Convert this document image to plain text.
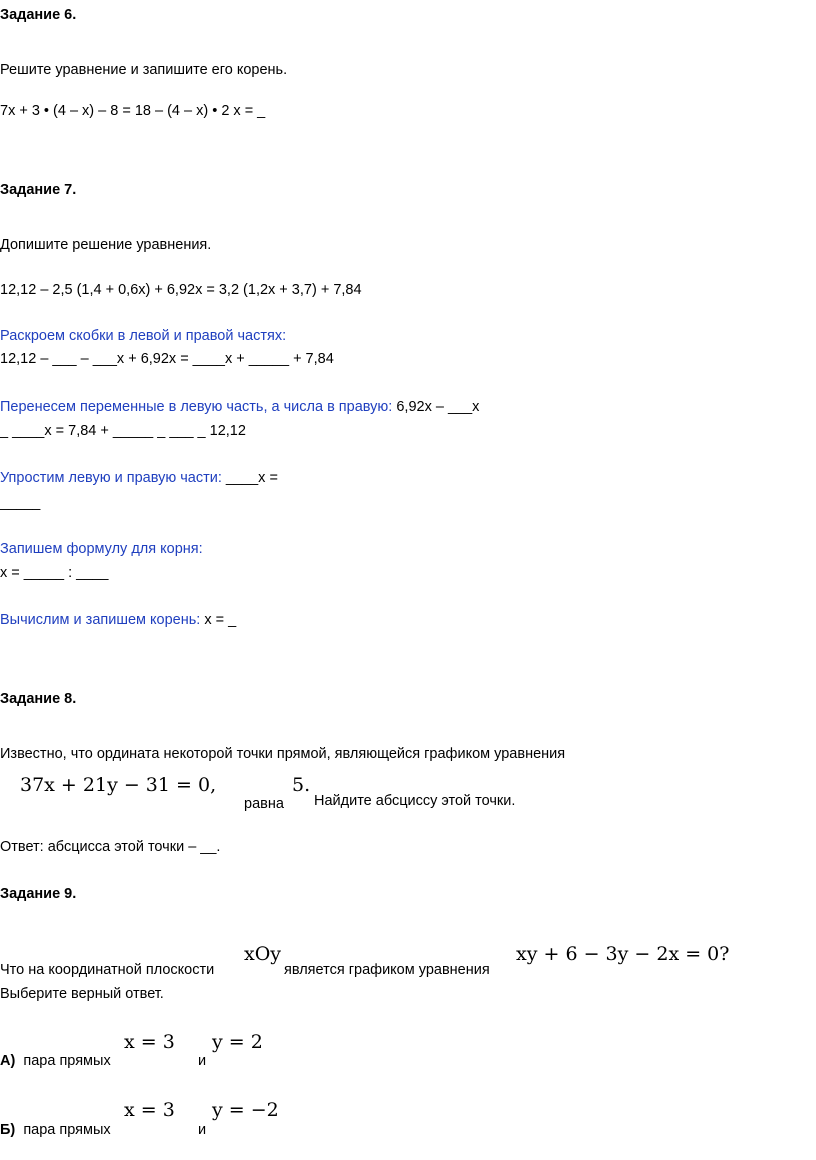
Задание 6.
Решите уравнение и запишите его корень.
7x + 3 • (4 – x) – 8 = 18 – (4 – x) • 2 x = _
Задание 7.
Допишите решение уравнения.
12,12 – 2,5 (1,4 + 0,6x) + 6,92x = 3,2 (1,2x + 3,7) + 7,84
Раскроем скобки в левой и правой частях:
12,12 – ___ – ___x + 6,92x = ____x + _____ + 7,84
Перенесем переменные в левую часть, а числа в правую: 6,92x – ___x
_ ____x = 7,84 + _____ _ ___ _ 12,12
Упростим левую и правую части: ____x =
_____
Запишем формулу для корня:
x = _____ : ____
Вычислим и запишем корень: x = _
Задание 8.
Известно, что ордината некоторой точки прямой, являющейся графиком уравнения
37x + 21y − 31 = 0,	5.
равна Найдите абсциссу этой точки.
Ответ: абсцисса этой точки – __.
Задание 9.
xOy	xy + 6 − 3y − 2x = 0?
Что на координатной плоскости	является графиком уравнения
Выберите верный ответ.
x = 3 y = 2
А) пара прямых	и
x = 3 y = −2
Б) пара прямых	и
